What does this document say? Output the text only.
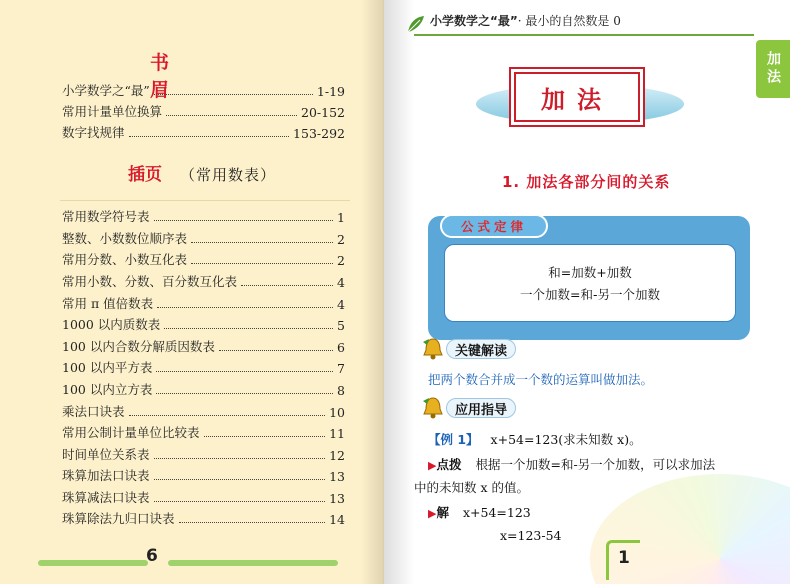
书 眉
小学数学之“最”	1-19
常用计量单位换算	20-152
数字找规律	153-292
插页 （常用数表）
常用数学符号表	1
整数、小数数位顺序表	2
常用分数、小数互化表	2
常用小数、分数、百分数互化表	4
常用 π 值倍数表	4
1000 以内质数表	5
100 以内合数分解质因数表	6
100 以内平方表	7
100 以内立方表	8
乘法口诀表	10
常用公制计量单位比较表	11
时间单位关系表	12
珠算加法口诀表	13
珠算减法口诀表	13
珠算除法九归口诀表	14
6
小学数学之“最”· 最小的自然数是 0
加法
加法
1. 加法各部分间的关系
公式定律
和=加数+加数
一个加数=和-另一个加数
关键解读
把两个数合并成一个数的运算叫做加法。
应用指导
【例 1】 x+54=123(求未知数 x)。
▶点拨 根据一个加数=和-另一个加数，可以求加法
中的未知数 x 的值。
▶解 x+54=123
x=123-54
1
